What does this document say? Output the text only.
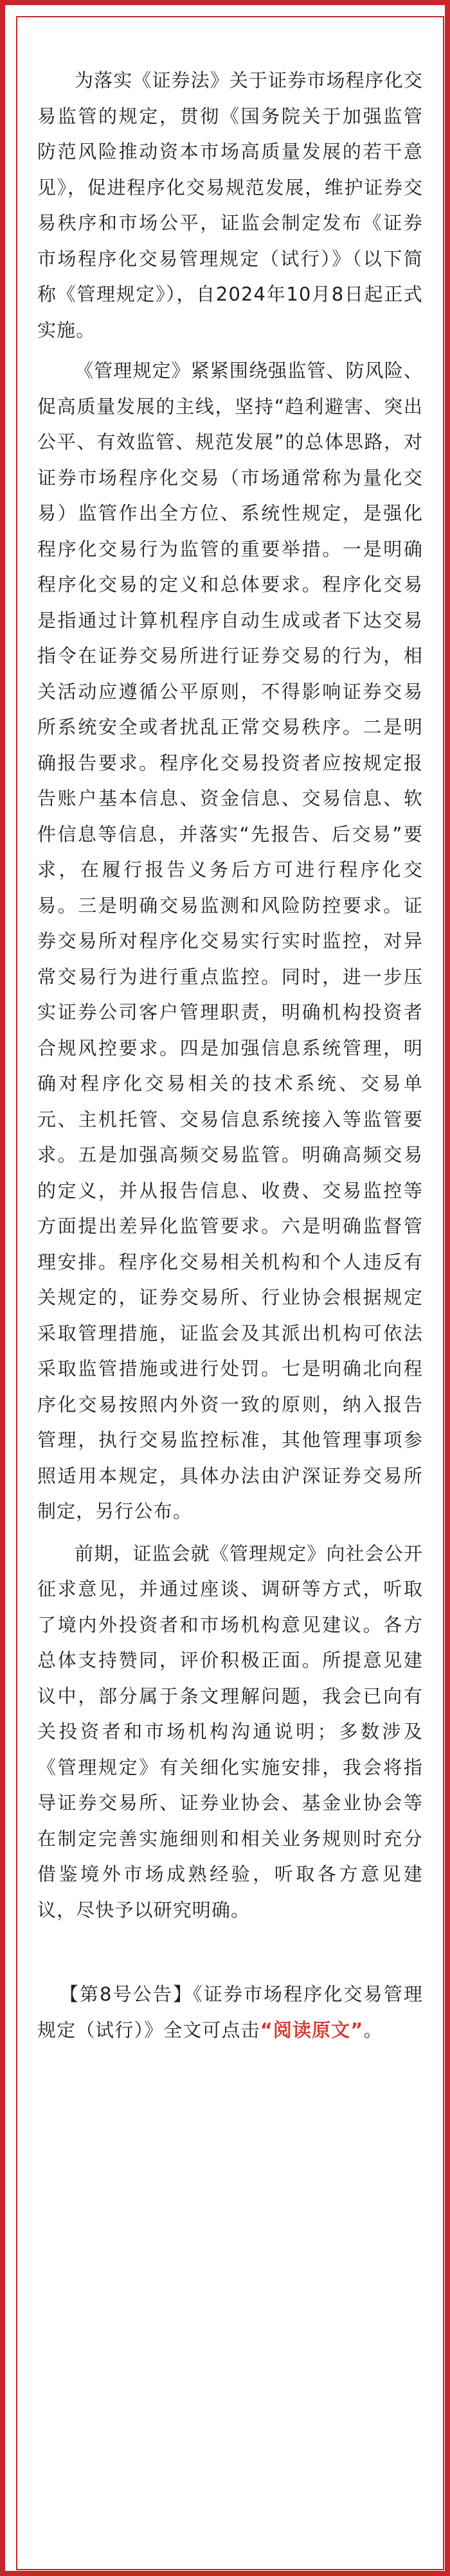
为落实《证券法》关于证券市场程序化交易监管的规定，贯彻《国务院关于加强监管防范风险推动资本市场高质量发展的若干意见》，促进程序化交易规范发展，维护证券交易秩序和市场公平，证监会制定发布《证券市场程序化交易管理规定（试行）》（以下简称《管理规定》），自2024年10月8日起正式实施。

《管理规定》紧紧围绕强监管、防风险、促高质量发展的主线，坚持“趋利避害、突出公平、有效监管、规范发展”的总体思路，对证券市场程序化交易（市场通常称为量化交易）监管作出全方位、系统性规定，是强化程序化交易行为监管的重要举措。一是明确程序化交易的定义和总体要求。程序化交易是指通过计算机程序自动生成或者下达交易指令在证券交易所进行证券交易的行为，相关活动应遵循公平原则，不得影响证券交易所系统安全或者扰乱正常交易秩序。二是明确报告要求。程序化交易投资者应按规定报告账户基本信息、资金信息、交易信息、软件信息等信息，并落实“先报告、后交易”要求，在履行报告义务后方可进行程序化交易。三是明确交易监测和风险防控要求。证券交易所对程序化交易实行实时监控，对异常交易行为进行重点监控。同时，进一步压实证券公司客户管理职责，明确机构投资者合规风控要求。四是加强信息系统管理，明确对程序化交易相关的技术系统、交易单元、主机托管、交易信息系统接入等监管要求。五是加强高频交易监管。明确高频交易的定义，并从报告信息、收费、交易监控等方面提出差异化监管要求。六是明确监督管理安排。程序化交易相关机构和个人违反有关规定的，证券交易所、行业协会根据规定采取管理措施，证监会及其派出机构可依法采取监管措施或进行处罚。七是明确北向程序化交易按照内外资一致的原则，纳入报告管理，执行交易监控标准，其他管理事项参照适用本规定，具体办法由沪深证券交易所制定，另行公布。

前期，证监会就《管理规定》向社会公开征求意见，并通过座谈、调研等方式，听取了境内外投资者和市场机构意见建议。各方总体支持赞同，评价积极正面。所提意见建议中，部分属于条文理解问题，我会已向有关投资者和市场机构沟通说明；多数涉及《管理规定》有关细化实施安排，我会将指导证券交易所、证券业协会、基金业协会等在制定完善实施细则和相关业务规则时充分借鉴境外市场成熟经验，听取各方意见建议，尽快予以研究明确。

【第8号公告】《证券市场程序化交易管理规定（试行）》全文可点击“阅读原文”。
